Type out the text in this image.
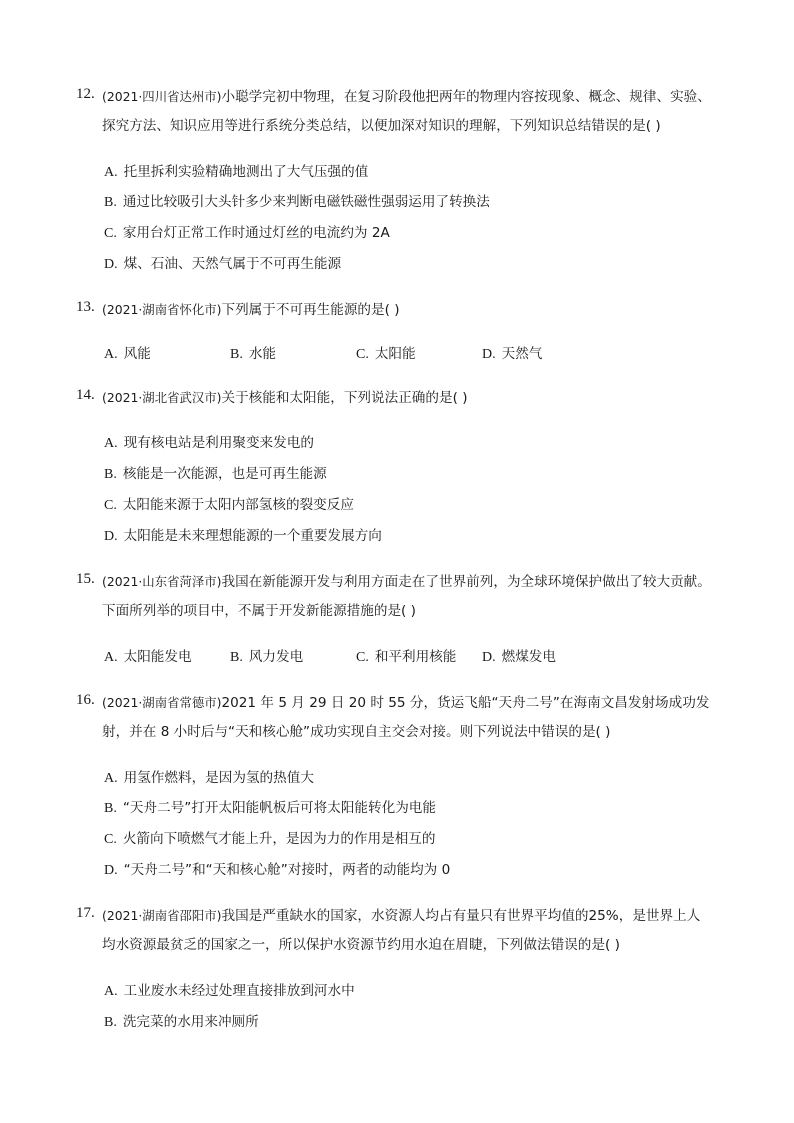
12. (2021·四川省达州市)小聪学完初中物理，在复习阶段他把两年的物理内容按现象、概念、规律、实验、
探究方法、知识应用等进行系统分类总结，以便加深对知识的理解，下列知识总结错误的是( )
A. 托里拆利实验精确地测出了大气压强的值
B. 通过比较吸引大头针多少来判断电磁铁磁性强弱运用了转换法
C. 家用台灯正常工作时通过灯丝的电流约为 2A
D. 煤、石油、天然气属于不可再生能源
13. (2021·湖南省怀化市)下列属于不可再生能源的是( )
A. 风能	B. 水能	C. 太阳能	D. 天然气
14. (2021·湖北省武汉市)关于核能和太阳能，下列说法正确的是( )
A. 现有核电站是利用聚变来发电的
B. 核能是一次能源，也是可再生能源
C. 太阳能来源于太阳内部氢核的裂变反应
D. 太阳能是未来理想能源的一个重要发展方向
15. (2021·山东省菏泽市)我国在新能源开发与利用方面走在了世界前列，为全球环境保护做出了较大贡献。
下面所列举的项目中，不属于开发新能源措施的是( )
A. 太阳能发电	B. 风力发电	C. 和平利用核能 D. 燃煤发电
16. (2021·湖南省常德市)2021 年 5 月 29 日 20 时 55 分，货运飞船“天舟二号”在海南文昌发射场成功发
射，并在 8 小时后与“天和核心舱”成功实现自主交会对接。则下列说法中错误的是( )
A. 用氢作燃料，是因为氢的热值大
B. “天舟二号”打开太阳能帆板后可将太阳能转化为电能
C. 火箭向下喷燃气才能上升，是因为力的作用是相互的
D. “天舟二号”和“天和核心舱”对接时，两者的动能均为 0
17. (2021·湖南省邵阳市)我国是严重缺水的国家，水资源人均占有量只有世界平均值的25%，是世界上人
均水资源最贫乏的国家之一，所以保护水资源节约用水迫在眉睫，下列做法错误的是( )
A. 工业废水未经过处理直接排放到河水中
B. 洗完菜的水用来冲厕所
